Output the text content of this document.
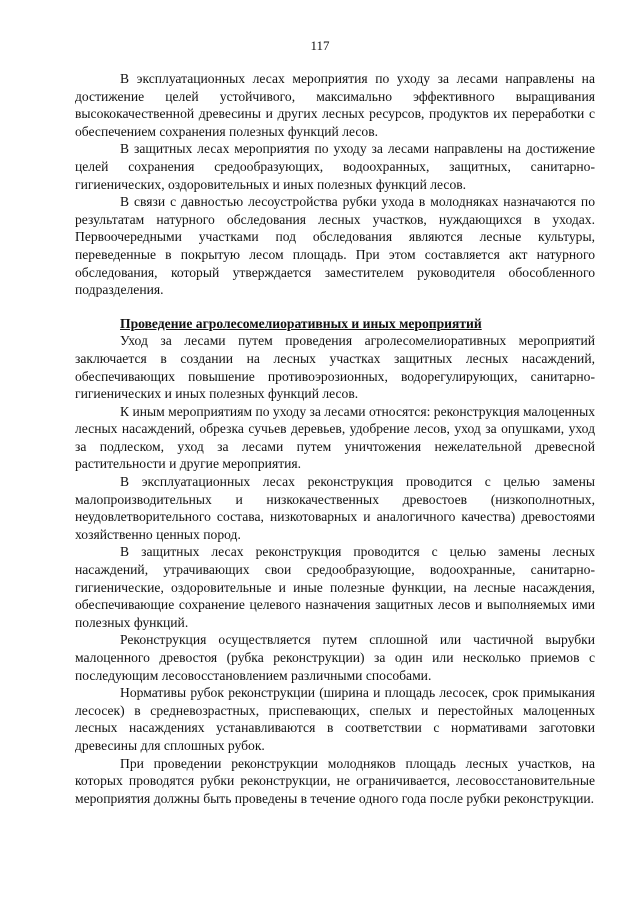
117

В эксплуатационных лесах мероприятия по уходу за лесами направлены на достижение целей устойчивого, максимально эффективного выращивания высококачественной древесины и других лесных ресурсов, продуктов их переработки с обеспечением сохранения полезных функций лесов.

В защитных лесах мероприятия по уходу за лесами направлены на достижение целей сохранения средообразующих, водоохранных, защитных, санитарно-гигиенических, оздоровительных и иных полезных функций лесов.

В связи с давностью лесоустройства рубки ухода в молодняках назначаются по результатам натурного обследования лесных участков, нуждающихся в уходах. Первоочередными участками под обследования являются лесные культуры, переведенные в покрытую лесом площадь. При этом составляется акт натурного обследования, который утверждается заместителем руководителя обособленного подразделения.

Проведение агролесомелиоративных и иных мероприятий

Уход за лесами путем проведения агролесомелиоративных мероприятий заключается в создании на лесных участках защитных лесных насаждений, обеспечивающих повышение противоэрозионных, водорегулирующих, санитарно-гигиенических и иных полезных функций лесов.

К иным мероприятиям по уходу за лесами относятся: реконструкция малоценных лесных насаждений, обрезка сучьев деревьев, удобрение лесов, уход за опушками, уход за подлеском, уход за лесами путем уничтожения нежелательной древесной растительности и другие мероприятия.

В эксплуатационных лесах реконструкция проводится с целью замены малопроизводительных и низкокачественных древостоев (низкополнотных, неудовлетворительного состава, низкотоварных и аналогичного качества) древостоями хозяйственно ценных пород.

В защитных лесах реконструкция проводится с целью замены лесных насаждений, утрачивающих свои средообразующие, водоохранные, санитарно-гигиенические, оздоровительные и иные полезные функции, на лесные насаждения, обеспечивающие сохранение целевого назначения защитных лесов и выполняемых ими полезных функций.

Реконструкция осуществляется путем сплошной или частичной вырубки малоценного древостоя (рубка реконструкции) за один или несколько приемов с последующим лесовосстановлением различными способами.

Нормативы рубок реконструкции (ширина и площадь лесосек, срок примыкания лесосек) в средневозрастных, приспевающих, спелых и перестойных малоценных лесных насаждениях устанавливаются в соответствии с нормативами заготовки древесины для сплошных рубок.

При проведении реконструкции молодняков площадь лесных участков, на которых проводятся рубки реконструкции, не ограничивается, лесовосстановительные мероприятия должны быть проведены в течение одного года после рубки реконструкции.
